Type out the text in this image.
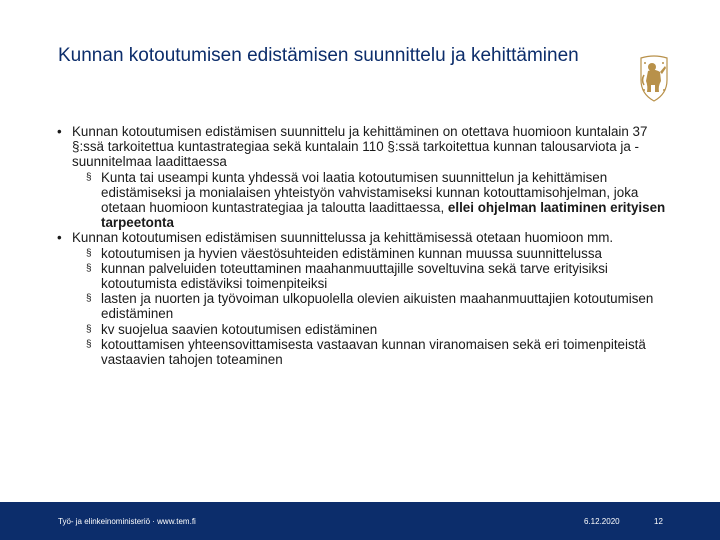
Kunnan kotoutumisen edistämisen suunnittelu ja kehittäminen

• Kunnan kotoutumisen edistämisen suunnittelu ja kehittäminen on otettava huomioon kuntalain 37 §:ssä tarkoitettua kuntastrategiaa sekä kuntalain 110 §:ssä tarkoitettua kunnan talousarviota ja -suunnitelmaa laadittaessa

§ Kunta tai useampi kunta yhdessä voi laatia kotoutumisen suunnittelun ja kehittämisen edistämiseksi ja monialaisen yhteistyön vahvistamiseksi kunnan kotouttamisohjelman, joka otetaan huomioon kuntastrategiaa ja taloutta laadittaessa, ellei ohjelman laatiminen erityisen tarpeetonta

• Kunnan kotoutumisen edistämisen suunnittelussa ja kehittämisessä otetaan huomioon mm.

§ kotoutumisen ja hyvien väestösuhteiden edistäminen kunnan muussa suunnittelussa

§ kunnan palveluiden toteuttaminen maahanmuuttajille soveltuvina sekä tarve erityisiksi kotoutumista edistäviksi toimenpiteiksi

§ lasten ja nuorten ja työvoiman ulkopuolella olevien aikuisten maahanmuuttajien kotoutumisen edistäminen

§ kv suojelua saavien kotoutumisen edistäminen

§ kotouttamisen yhteensovittamisesta vastaavan kunnan viranomaisen sekä eri toimenpiteistä vastaavien tahojen toteaminen

Työ- ja elinkeinoministeriö · www.tem.fi	6.12.2020	12
